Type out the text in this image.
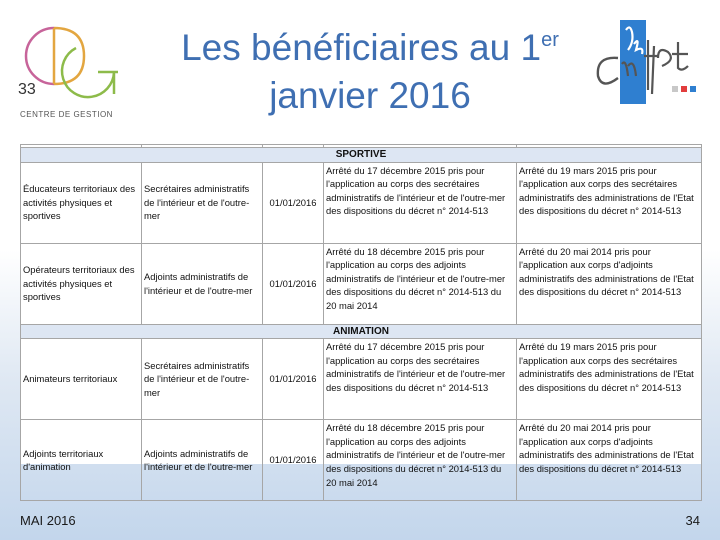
33
CENTRE DE GESTION
Les bénéficiaires au 1er
janvier 2016

SPORTIVE				
Éducateurs territoriaux des activités physiques et sportives	Secrétaires administratifs de l'intérieur et de l'outre-mer	01/01/2016	Arrêté du 17 décembre 2015 pris pour l'application au corps des secrétaires administratifs de l'intérieur et de l'outre-mer des dispositions du décret n° 2014-513	Arrêté du 19 mars 2015 pris pour l'application aux corps des secrétaires administratifs des administrations de l'Etat des dispositions du décret n° 2014-513
Opérateurs territoriaux des activités physiques et sportives	Adjoints administratifs de l'intérieur et de l'outre-mer	01/01/2016	Arrêté du 18 décembre 2015 pris pour l'application au corps des adjoints administratifs de l'intérieur et de l'outre-mer des dispositions du décret n° 2014-513 du 20 mai 2014	Arrêté du 20 mai 2014 pris pour l'application aux corps d'adjoints administratifs des administrations de l'Etat des dispositions du décret n° 2014-513
ANIMATION				
Animateurs territoriaux	Secrétaires administratifs de l'intérieur et de l'outre-mer	01/01/2016	Arrêté du 17 décembre 2015 pris pour l'application au corps des secrétaires administratifs de l'intérieur et de l'outre-mer des dispositions du décret n° 2014-513	Arrêté du 19 mars 2015 pris pour l'application aux corps des secrétaires administratifs des administrations de l'Etat des dispositions du décret n° 2014-513
Adjoints territoriaux d'animation	Adjoints administratifs de l'intérieur et de l'outre-mer	01/01/2016	Arrêté du 18 décembre 2015 pris pour l'application au corps des adjoints administratifs de l'intérieur et de l'outre-mer des dispositions du décret n° 2014-513 du 20 mai 2014	Arrêté du 20 mai 2014 pris pour l'application aux corps d'adjoints administratifs des administrations de l'Etat des dispositions du décret n° 2014-513
MAI 2016	34
